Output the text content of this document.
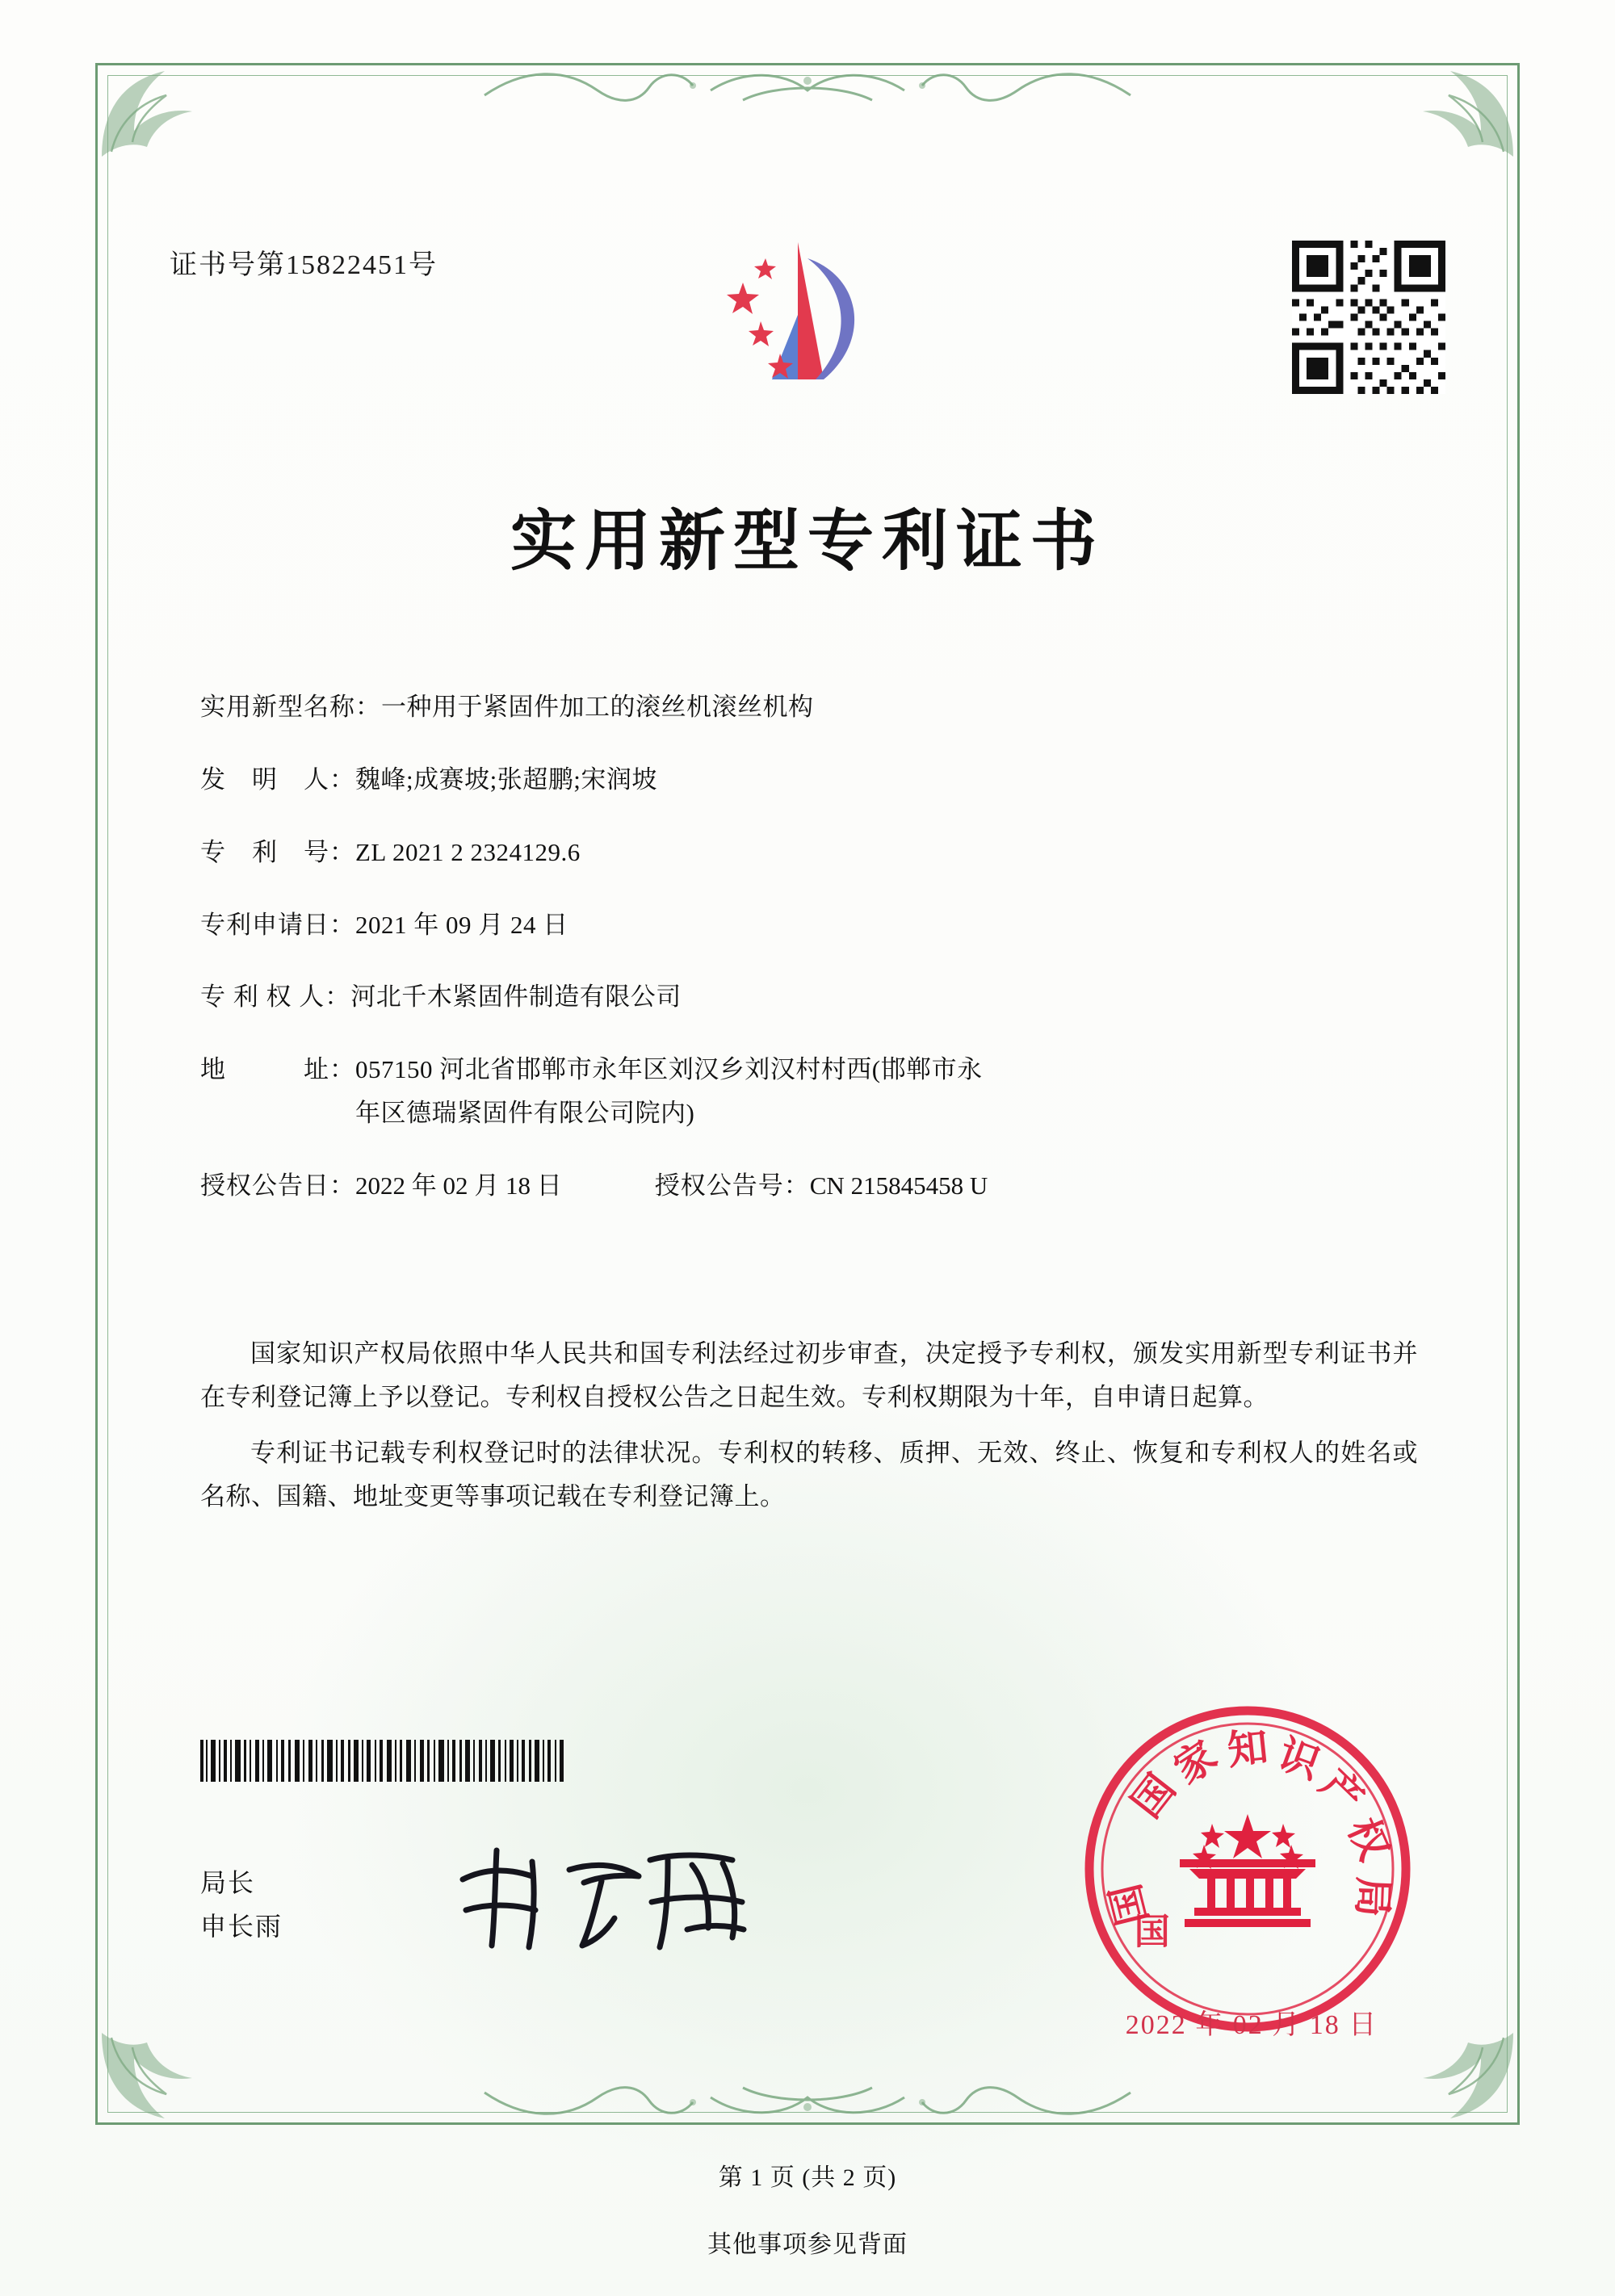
证书号第15822451号
实用新型专利证书
实用新型名称： 一种用于紧固件加工的滚丝机滚丝机构
发　明　人： 魏峰;成赛坡;张超鹏;宋润坡
专　利　号： ZL 2021 2 2324129.6
专利申请日： 2021 年 09 月 24 日
专 利 权 人： 河北千木紧固件制造有限公司
地　　　址： 057150 河北省邯郸市永年区刘汉乡刘汉村村西(邯郸市永
年区德瑞紧固件有限公司院内)
授权公告日： 2022 年 02 月 18 日	授权公告号： CN 215845458 U

国家知识产权局依照中华人民共和国专利法经过初步审查，决定授予专利权，颁发实用新型专利证书并在专利登记簿上予以登记。专利权自授权公告之日起生效。专利权期限为十年，自申请日起算。

专利证书记载专利权登记时的法律状况。专利权的转移、质押、无效、终止、恢复和专利权人的姓名或名称、国籍、地址变更等事项记载在专利登记簿上。

局长
申长雨	国
国
家 知 识
产
权
局
国
2022 年 02 月 18 日
第 1 页 (共 2 页)
其他事项参见背面
